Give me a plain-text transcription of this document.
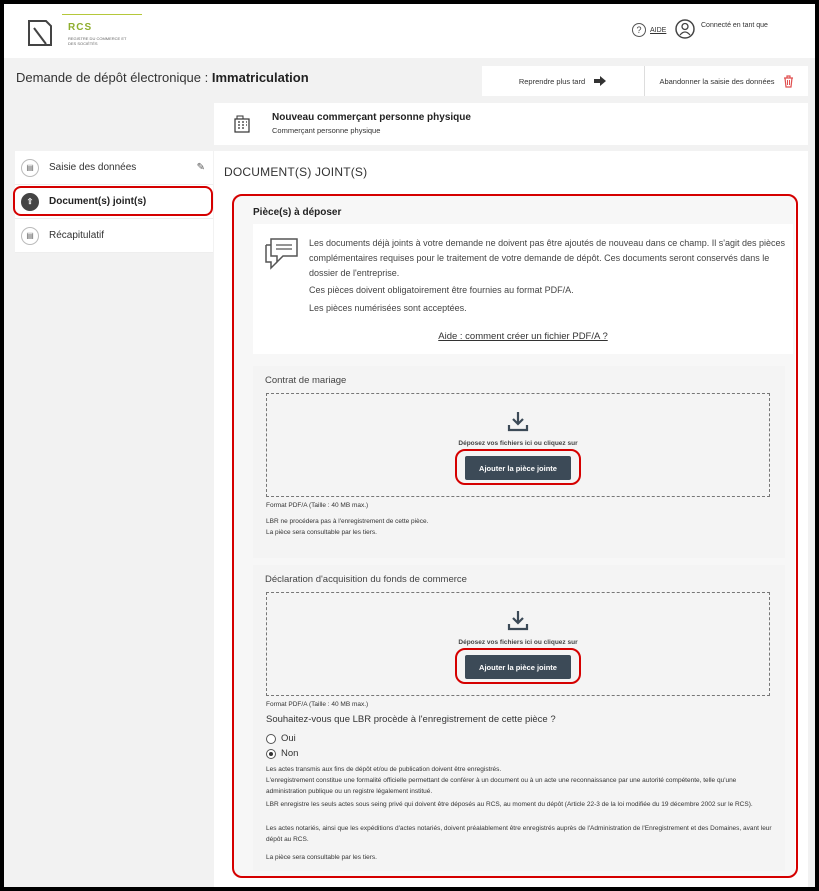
RCS
REGISTRE DU COMMERCE ET DES SOCIÉTÉS
?	AIDE
Connecté en tant que
Demande de dépôt électronique : Immatriculation	Reprendre plus tard	Abandonner la saisie des données
Nouveau commerçant personne physique
Commerçant personne physique
▤	Saisie des données	✎
⇧	Document(s) joint(s)
▤	Récapitulatif
DOCUMENT(S) JOINT(S)
Pièce(s) à déposer

Les documents déjà joints à votre demande ne doivent pas être ajoutés de nouveau dans ce champ. Il s'agit des pièces complémentaires requises pour le traitement de votre demande de dépôt. Ces documents seront conservés dans le dossier de l'entreprise.

Ces pièces doivent obligatoirement être fournies au format PDF/A.

Les pièces numérisées sont acceptées.

Aide : comment créer un fichier PDF/A ?
Contrat de mariage
Déposez vos fichiers ici ou cliquez sur
Ajouter la pièce jointe
Format PDF/A (Taille : 40 MB max.)
LBR ne procédera pas à l'enregistrement de cette pièce.
La pièce sera consultable par les tiers.
Déclaration d'acquisition du fonds de commerce
Déposez vos fichiers ici ou cliquez sur
Ajouter la pièce jointe
Format PDF/A (Taille : 40 MB max.)
Souhaitez-vous que LBR procède à l'enregistrement de cette pièce ?
Oui
Non
Les actes transmis aux fins de dépôt et/ou de publication doivent être enregistrés.
L'enregistrement constitue une formalité officielle permettant de conférer à un document ou à un acte une reconnaissance par une autorité compétente, telle qu'une administration publique ou un registre légalement institué.
LBR enregistre les seuls actes sous seing privé qui doivent être déposés au RCS, au moment du dépôt (Article 22-3 de la loi modifiée du 19 décembre 2002 sur le RCS).
Les actes notariés, ainsi que les expéditions d'actes notariés, doivent préalablement être enregistrés auprès de l'Administration de l'Enregistrement et des Domaines, avant leur dépôt au RCS.
La pièce sera consultable par les tiers.
